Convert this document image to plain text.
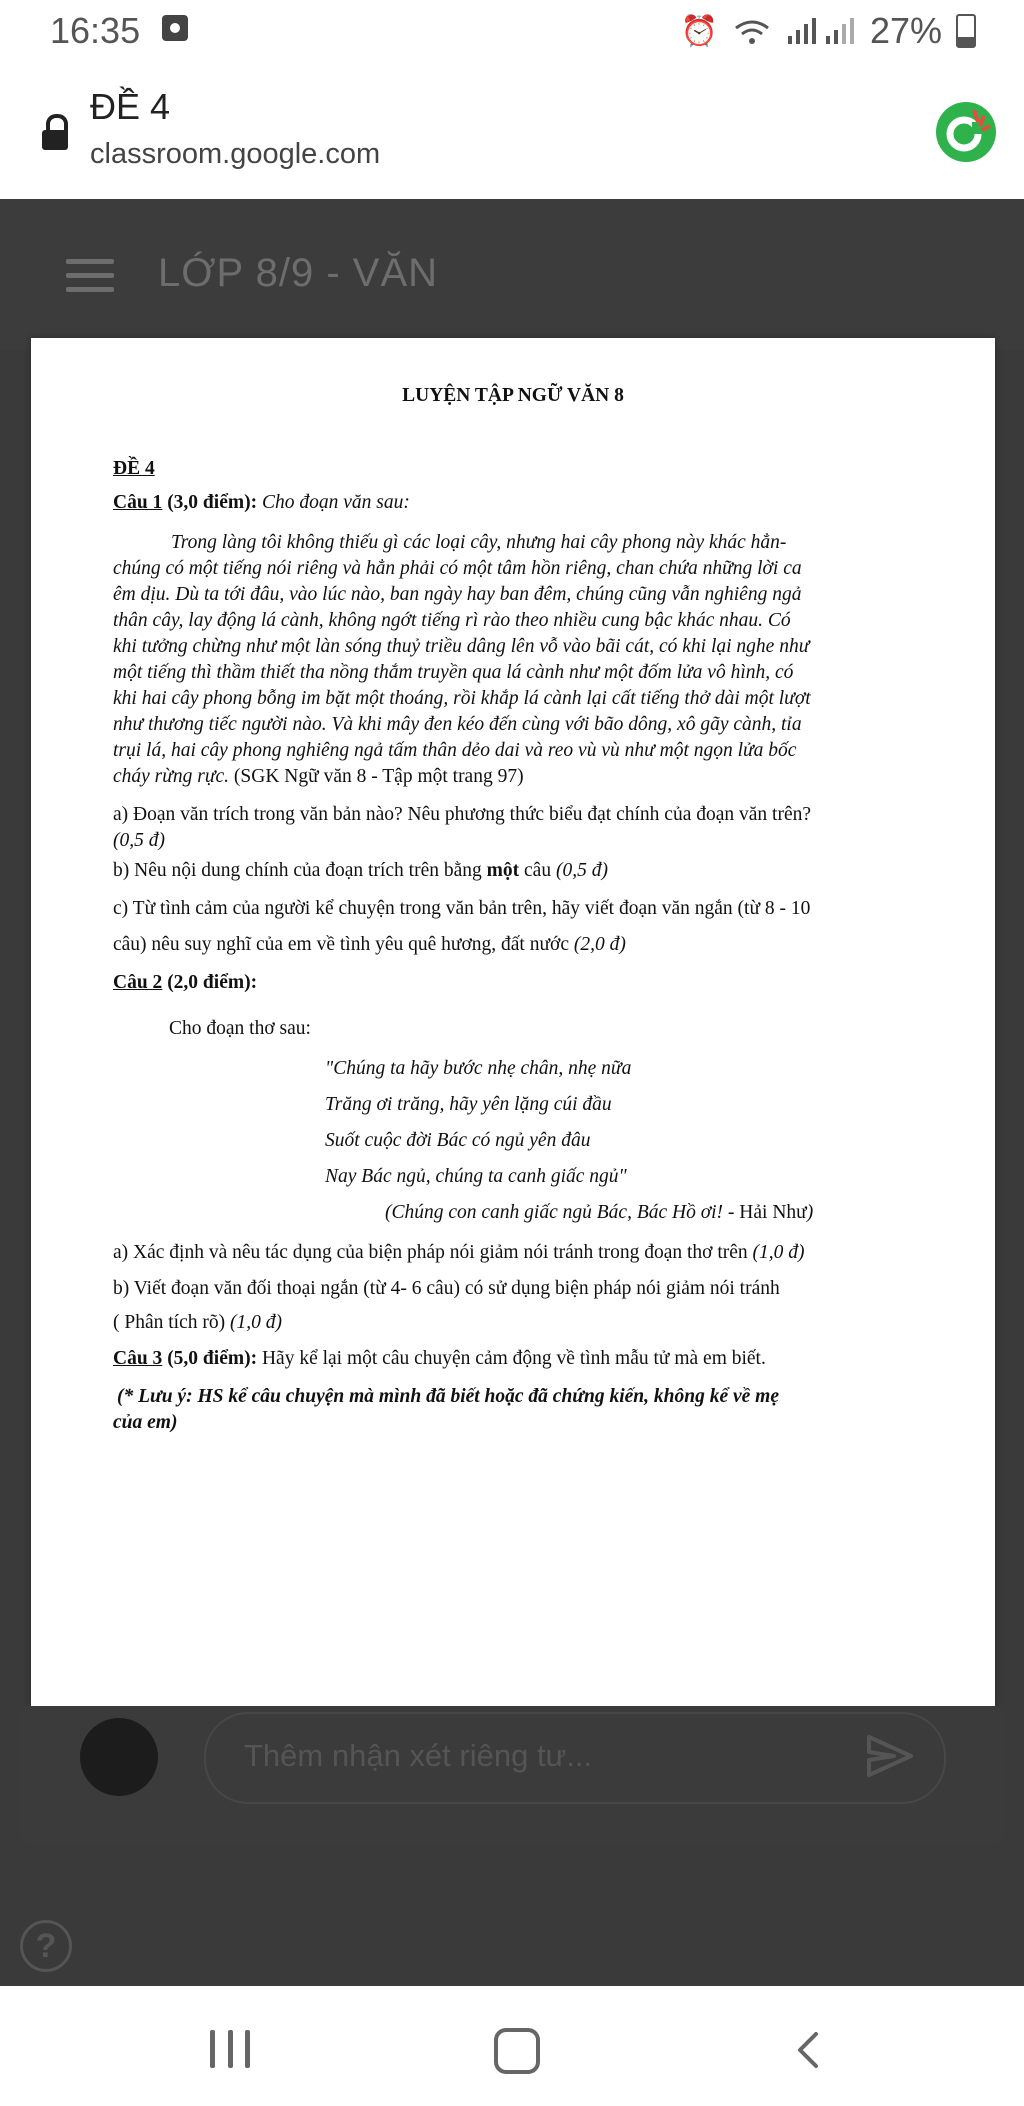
16:35	⏰	27%
ĐỀ 4
classroom.google.com
LỚP 8/9 - VĂN
LUYỆN TẬP NGỮ VĂN 8
ĐỀ 4
Câu 1 (3,0 điểm): Cho đoạn văn sau:
Trong làng tôi không thiếu gì các loại cây, nhưng hai cây phong này khác hẳn-
chúng có một tiếng nói riêng và hẳn phải có một tâm hồn riêng, chan chứa những lời ca
êm dịu. Dù ta tới đâu, vào lúc nào, ban ngày hay ban đêm, chúng cũng vẫn nghiêng ngả
thân cây, lay động lá cành, không ngớt tiếng rì rào theo nhiều cung bậc khác nhau. Có
khi tưởng chừng như một làn sóng thuỷ triều dâng lên vỗ vào bãi cát, có khi lại nghe như
một tiếng thì thầm thiết tha nồng thắm truyền qua lá cành như một đốm lửa vô hình, có
khi hai cây phong bỗng im bặt một thoáng, rồi khắp lá cành lại cất tiếng thở dài một lượt
như thương tiếc người nào. Và khi mây đen kéo đến cùng với bão dông, xô gãy cành, tỉa
trụi lá, hai cây phong nghiêng ngả tấm thân dẻo dai và reo vù vù như một ngọn lửa bốc
cháy rừng rực. (SGK Ngữ văn 8 - Tập một trang 97)
a) Đoạn văn trích trong văn bản nào? Nêu phương thức biểu đạt chính của đoạn văn trên?
(0,5 đ)
b) Nêu nội dung chính của đoạn trích trên bằng một câu (0,5 đ)
c) Từ tình cảm của người kể chuyện trong văn bản trên, hãy viết đoạn văn ngắn (từ 8 - 10
câu) nêu suy nghĩ của em về tình yêu quê hương, đất nước (2,0 đ)
Câu 2 (2,0 điểm):
Cho đoạn thơ sau:
"Chúng ta hãy bước nhẹ chân, nhẹ nữa
Trăng ơi trăng, hãy yên lặng cúi đầu
Suốt cuộc đời Bác có ngủ yên đâu
Nay Bác ngủ, chúng ta canh giấc ngủ"
(Chúng con canh giấc ngủ Bác, Bác Hồ ơi! - Hải Như)
a) Xác định và nêu tác dụng của biện pháp nói giảm nói tránh trong đoạn thơ trên (1,0 đ)
b) Viết đoạn văn đối thoại ngắn (từ 4- 6 câu) có sử dụng biện pháp nói giảm nói tránh
( Phân tích rõ) (1,0 đ)
Câu 3 (5,0 điểm): Hãy kể lại một câu chuyện cảm động về tình mẫu tử mà em biết.
(* Lưu ý: HS kể câu chuyện mà mình đã biết hoặc đã chứng kiến, không kể về mẹ
của em)
Thêm nhận xét riêng tư...
?
